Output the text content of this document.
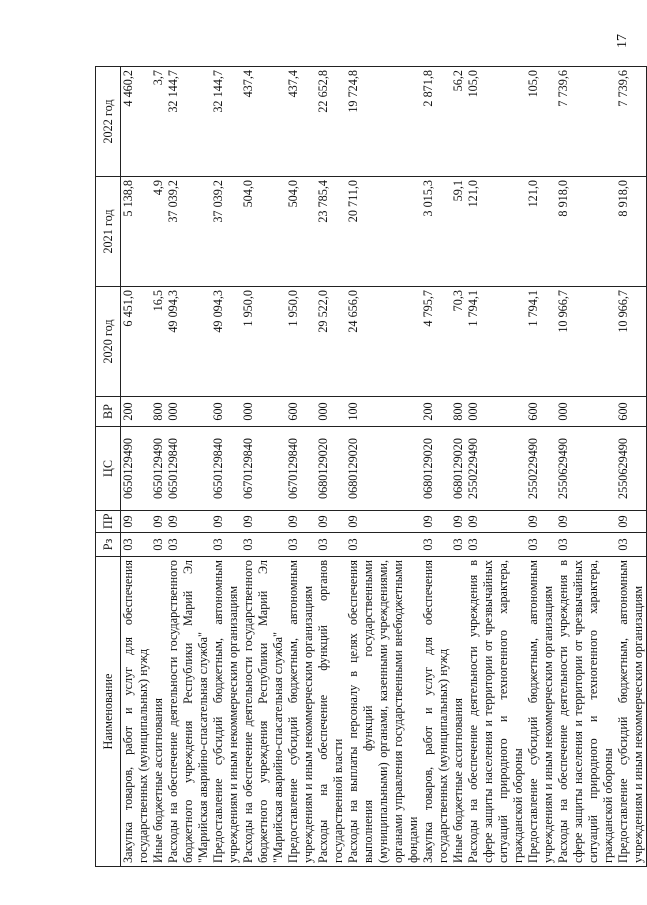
17
Наименование	Рз	ПР	ЦС	ВР	2020 год	2021 год	2022 год
Закупка товаров, работ и услуг для обеспечения государственных (муниципальных) нужд	03	09	0650129490	200	6 451,0	5 138,8	4 460,2
Иные бюджетные ассигнования	03	09	0650129490	800	16,5	4,9	3,7
Расходы на обеспечение деятельности государственного бюджетного учреждения Республики Марий Эл "Марийская аварийно-спасательная служба"	03	09	0650129840	000	49 094,3	37 039,2	32 144,7
Предоставление субсидий бюджетным, автономным учреждениям и иным некоммерческим организациям	03	09	0650129840	600	49 094,3	37 039,2	32 144,7
Расходы на обеспечение деятельности государственного бюджетного учреждения Республики Марий Эл "Марийская аварийно-спасательная служба"	03	09	0670129840	000	1 950,0	504,0	437,4
Предоставление субсидий бюджетным, автономным учреждениям и иным некоммерческим организациям	03	09	0670129840	600	1 950,0	504,0	437,4
Расходы на обеспечение функций органов государственной власти	03	09	0680129020	000	29 522,0	23 785,4	22 652,8
Расходы на выплаты персоналу в целях обеспечения выполнения функций государственными (муниципальными) органами, казенными учреждениями, органами управления государственными внебюджетными фондами	03	09	0680129020	100	24 656,0	20 711,0	19 724,8
Закупка товаров, работ и услуг для обеспечения государственных (муниципальных) нужд	03	09	0680129020	200	4 795,7	3 015,3	2 871,8
Иные бюджетные ассигнования	03	09	0680129020	800	70,3	59,1	56,2
Расходы на обеспечение деятельности учреждения в сфере защиты населения и территории от чрезвычайных ситуаций природного и техногенного характера, гражданской обороны	03	09	2550229490	000	1 794,1	121,0	105,0
Предоставление субсидий бюджетным, автономным учреждениям и иным некоммерческим организациям	03	09	2550229490	600	1 794,1	121,0	105,0
Расходы на обеспечение деятельности учреждения в сфере защиты населения и территории от чрезвычайных ситуаций природного и техногенного характера, гражданской обороны	03	09	2550629490	000	10 966,7	8 918,0	7 739,6
Предоставление субсидий бюджетным, автономным учреждениям и иным некоммерческим организациям	03	09	2550629490	600	10 966,7	8 918,0	7 739,6
